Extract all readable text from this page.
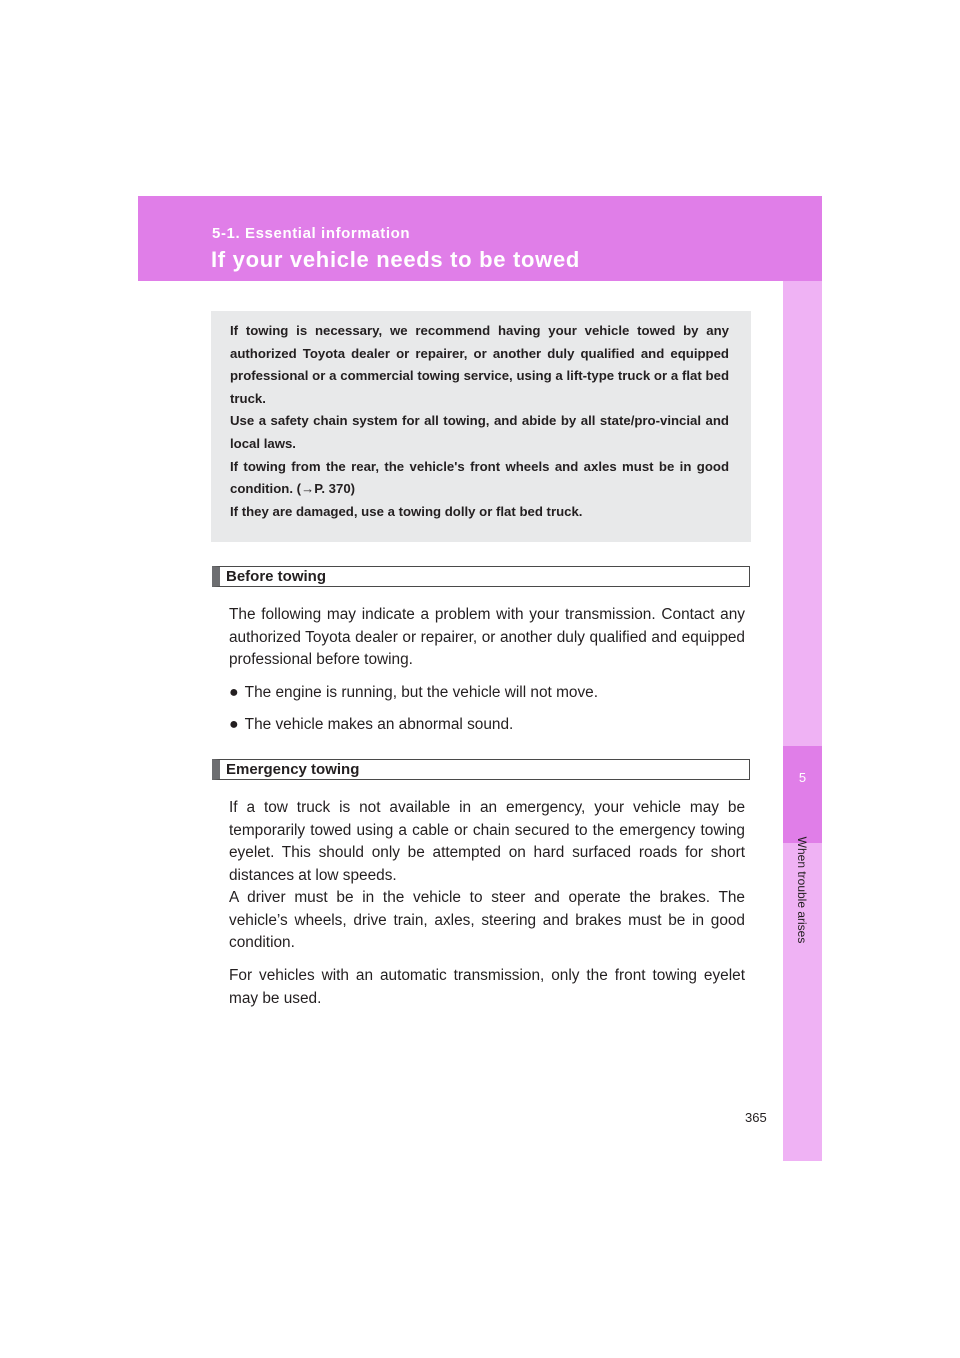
5-1. Essential information
If your vehicle needs to be towed
5
When trouble arises

If towing is necessary, we recommend having your vehicle towed by any authorized Toyota dealer or repairer, or another duly qualified and equipped professional or a commercial towing service, using a lift-type truck or a flat bed truck.

Use a safety chain system for all towing, and abide by all state/pro-vincial and local laws.

If towing from the rear, the vehicle's front wheels and axles must be in good condition. (→P. 370)

If they are damaged, use a towing dolly or flat bed truck.

Before towing

The following may indicate a problem with your transmission. Contact any authorized Toyota dealer or repairer, or another duly qualified and equipped professional before towing.

● The engine is running, but the vehicle will not move.
● The vehicle makes an abnormal sound.
Emergency towing

If a tow truck is not available in an emergency, your vehicle may be temporarily towed using a cable or chain secured to the emergency towing eyelet. This should only be attempted on hard surfaced roads for short distances at low speeds.

A driver must be in the vehicle to steer and operate the brakes. The vehicle’s wheels, drive train, axles, steering and brakes must be in good condition.

For vehicles with an automatic transmission, only the front towing eyelet may be used.

365
